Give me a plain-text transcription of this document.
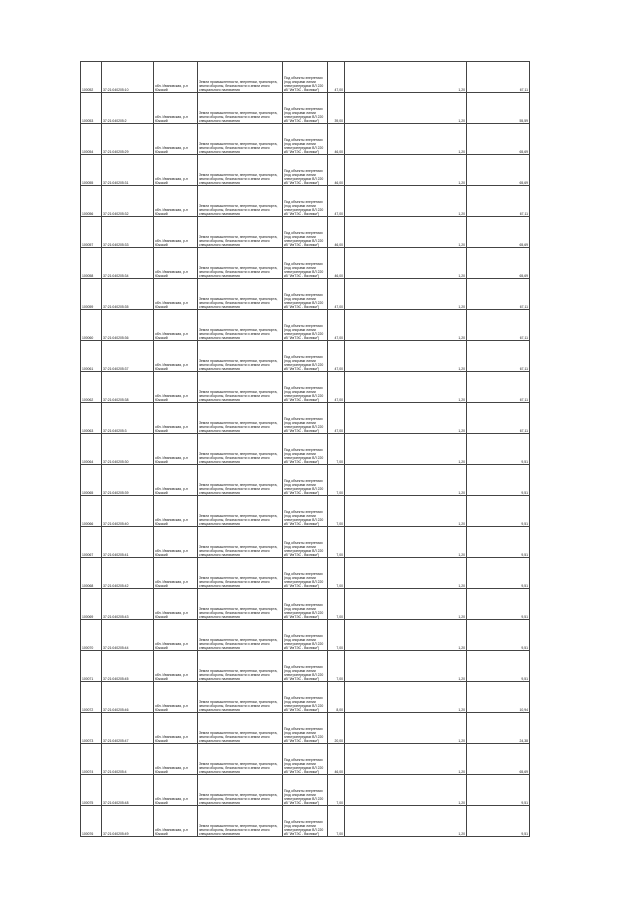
100052	37:21:040205:10	обл. Ивановская, р-н Южский	Земли промышленности, энергетики, транспорта, земли обороны, безопасности и земли иного специального назначения	Под объекты энергетики (под опорами линии электропередачи ВЛ 220 кВ "ИвТЭС - Вязники")	47,00	1,20	67,11
100053	37:21:040205:2	обл. Ивановская, р-н Южский	Земли промышленности, энергетики, транспорта, земли обороны, безопасности и земли иного специального назначения	Под объекты энергетики (под опорами линии электропередачи ВЛ 220 кВ "ИвТЭС - Вязники")	39,00	1,20	55,59
100054	37:21:040205:29	обл. Ивановская, р-н Южский	Земли промышленности, энергетики, транспорта, земли обороны, безопасности и земли иного специального назначения	Под объекты энергетики (под опорами линии электропередачи ВЛ 220 кВ "ИвТЭС - Вязники")	46,00	1,20	65,69
100055	37:21:040205:31	обл. Ивановская, р-н Южский	Земли промышленности, энергетики, транспорта, земли обороны, безопасности и земли иного специального назначения	Под объекты энергетики (под опорами линии электропередачи ВЛ 220 кВ "ИвТЭС - Вязники")	46,00	1,20	65,69
100056	37:21:040205:32	обл. Ивановская, р-н Южский	Земли промышленности, энергетики, транспорта, земли обороны, безопасности и земли иного специального назначения	Под объекты энергетики (под опорами линии электропередачи ВЛ 220 кВ "ИвТЭС - Вязники")	47,00	1,20	67,11
100057	37:21:040205:33	обл. Ивановская, р-н Южский	Земли промышленности, энергетики, транспорта, земли обороны, безопасности и земли иного специального назначения	Под объекты энергетики (под опорами линии электропередачи ВЛ 220 кВ "ИвТЭС - Вязники")	46,00	1,20	65,69
100058	37:21:040205:34	обл. Ивановская, р-н Южский	Земли промышленности, энергетики, транспорта, земли обороны, безопасности и земли иного специального назначения	Под объекты энергетики (под опорами линии электропередачи ВЛ 220 кВ "ИвТЭС - Вязники")	46,00	1,20	65,69
100059	37:21:040205:35	обл. Ивановская, р-н Южский	Земли промышленности, энергетики, транспорта, земли обороны, безопасности и земли иного специального назначения	Под объекты энергетики (под опорами линии электропередачи ВЛ 220 кВ "ИвТЭС - Вязники")	47,00	1,20	67,11
100060	37:21:040205:36	обл. Ивановская, р-н Южский	Земли промышленности, энергетики, транспорта, земли обороны, безопасности и земли иного специального назначения	Под объекты энергетики (под опорами линии электропередачи ВЛ 220 кВ "ИвТЭС - Вязники")	47,00	1,20	67,11
100061	37:21:040205:37	обл. Ивановская, р-н Южский	Земли промышленности, энергетики, транспорта, земли обороны, безопасности и земли иного специального назначения	Под объекты энергетики (под опорами линии электропередачи ВЛ 220 кВ "ИвТЭС - Вязники")	47,00	1,20	67,11
100062	37:21:040205:38	обл. Ивановская, р-н Южский	Земли промышленности, энергетики, транспорта, земли обороны, безопасности и земли иного специального назначения	Под объекты энергетики (под опорами линии электропередачи ВЛ 220 кВ "ИвТЭС - Вязники")	47,00	1,20	67,11
100063	37:21:040205:3	обл. Ивановская, р-н Южский	Земли промышленности, энергетики, транспорта, земли обороны, безопасности и земли иного специального назначения	Под объекты энергетики (под опорами линии электропередачи ВЛ 220 кВ "ИвТЭС - Вязники")	47,00	1,20	67,11
100064	37:21:040205:30	обл. Ивановская, р-н Южский	Земли промышленности, энергетики, транспорта, земли обороны, безопасности и земли иного специального назначения	Под объекты энергетики (под опорами линии электропередачи ВЛ 220 кВ "ИвТЭС - Вязники")	7,00	1,20	9,51
100065	37:21:040205:39	обл. Ивановская, р-н Южский	Земли промышленности, энергетики, транспорта, земли обороны, безопасности и земли иного специального назначения	Под объекты энергетики (под опорами линии электропередачи ВЛ 220 кВ "ИвТЭС - Вязники")	7,00	1,20	9,51
100066	37:21:040205:40	обл. Ивановская, р-н Южский	Земли промышленности, энергетики, транспорта, земли обороны, безопасности и земли иного специального назначения	Под объекты энергетики (под опорами линии электропередачи ВЛ 220 кВ "ИвТЭС - Вязники")	7,00	1,20	9,51
100067	37:21:040205:41	обл. Ивановская, р-н Южский	Земли промышленности, энергетики, транспорта, земли обороны, безопасности и земли иного специального назначения	Под объекты энергетики (под опорами линии электропередачи ВЛ 220 кВ "ИвТЭС - Вязники")	7,00	1,20	9,51
100068	37:21:040205:42	обл. Ивановская, р-н Южский	Земли промышленности, энергетики, транспорта, земли обороны, безопасности и земли иного специального назначения	Под объекты энергетики (под опорами линии электропередачи ВЛ 220 кВ "ИвТЭС - Вязники")	7,00	1,20	9,51
100069	37:21:040205:43	обл. Ивановская, р-н Южский	Земли промышленности, энергетики, транспорта, земли обороны, безопасности и земли иного специального назначения	Под объекты энергетики (под опорами линии электропередачи ВЛ 220 кВ "ИвТЭС - Вязники")	7,00	1,20	9,51
100070	37:21:040205:44	обл. Ивановская, р-н Южский	Земли промышленности, энергетики, транспорта, земли обороны, безопасности и земли иного специального назначения	Под объекты энергетики (под опорами линии электропередачи ВЛ 220 кВ "ИвТЭС - Вязники")	7,00	1,20	9,51
100071	37:21:040205:45	обл. Ивановская, р-н Южский	Земли промышленности, энергетики, транспорта, земли обороны, безопасности и земли иного специального назначения	Под объекты энергетики (под опорами линии электропередачи ВЛ 220 кВ "ИвТЭС - Вязники")	7,00	1,20	9,51
100072	37:21:040205:46	обл. Ивановская, р-н Южский	Земли промышленности, энергетики, транспорта, земли обороны, безопасности и земли иного специального назначения	Под объекты энергетики (под опорами линии электропередачи ВЛ 220 кВ "ИвТЭС - Вязники")	8,00	1,20	10,94
100073	37:21:040205:47	обл. Ивановская, р-н Южский	Земли промышленности, энергетики, транспорта, земли обороны, безопасности и земли иного специального назначения	Под объекты энергетики (под опорами линии электропередачи ВЛ 220 кВ "ИвТЭС - Вязники")	20,00	1,20	24,38
100074	37:21:040205:4	обл. Ивановская, р-н Южский	Земли промышленности, энергетики, транспорта, земли обороны, безопасности и земли иного специального назначения	Под объекты энергетики (под опорами линии электропередачи ВЛ 220 кВ "ИвТЭС - Вязники")	46,00	1,20	65,69
100075	37:21:040205:48	обл. Ивановская, р-н Южский	Земли промышленности, энергетики, транспорта, земли обороны, безопасности и земли иного специального назначения	Под объекты энергетики (под опорами линии электропередачи ВЛ 220 кВ "ИвТЭС - Вязники")	7,00	1,20	9,51
100076	37:21:040205:49	обл. Ивановская, р-н Южский	Земли промышленности, энергетики, транспорта, земли обороны, безопасности и земли иного специального назначения	Под объекты энергетики (под опорами линии электропередачи ВЛ 220 кВ "ИвТЭС - Вязники")	7,00	1,20	9,51
